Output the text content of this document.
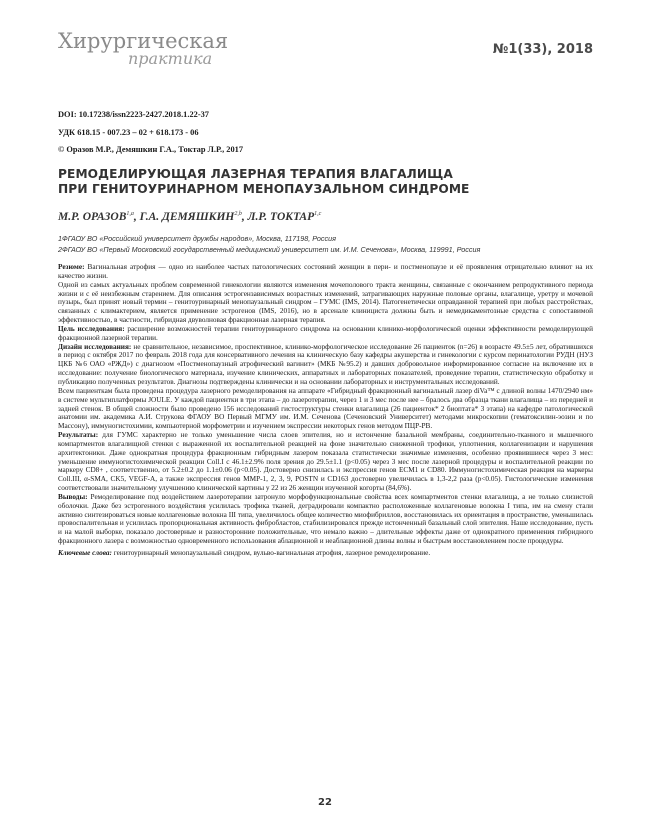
Хирургическая
практика	№1(33), 2018
DOI: 10.17238/issn2223-2427.2018.1.22-37
УДК 618.15 - 007.23 – 02 + 618.173 - 06
© Оразов М.Р., Демяшкин Г.А., Токтар Л.Р., 2017
РЕМОДЕЛИРУЮЩАЯ ЛАЗЕРНАЯ ТЕРАПИЯ ВЛАГАЛИЩА
ПРИ ГЕНИТОУРИНАРНОМ МЕНОПАУЗАЛЬНОМ СИНДРОМЕ
М.Р. ОРАЗОВ$^{1,a}$, Г.А. ДЕМЯШКИН$^{2,b}$, Л.Р. ТОКТАР$^{1,c}$
1ФГАОУ ВО «Российский университет дружбы народов», Москва, 117198, Россия
2ФГАОУ ВО «Первый Московский государственный медицинский университет им. И.М. Сеченова», Москва, 119991, Россия

Резюме: Вагинальная атрофия — одно из наиболее частых патологических состояний женщин в пери- и постменопаузе и её проявления отрицательно влияют на их качество жизни.

Одной из самых актуальных проблем современной гинекологии являются изменения мочеполового тракта женщины, связанные с окончанием репродуктивного периода жизни и с её неизбежным старением. Для описания эстрогензависимых возрастных изменений, затрагивающих наружные половые органы, влагалище, уретру и мочевой пузырь, был принят новый термин – генитоуринарный менопаузальный синдром – ГУМС (IMS, 2014). Патогенетически оправданной терапией при любых расстройствах, связанных с климактерием, является применение эстрогенов (IMS, 2016), но в арсенале клинициста должны быть и немедикаментозные средства с сопоставимой эффективностью, в частности, гибридная двуволновая фракционная лазерная терапия.

Цель исследования: расширение возможностей терапии генитоуринарного синдрома на основании клинико-морфологической оценки эффективности ремоделирующей фракционной лазерной терапии.

Дизайн исследования: не сравнительное, независимое, проспективное, клинико-морфологическое исследование 26 пациенток (n=26) в возрасте 49.5±5 лет, обратившихся в период с октября 2017 по февраль 2018 года для консервативного лечения на клиническую базу кафедры акушерства и гинекологии с курсом перинатологии РУДН (НУЗ ЦКБ №6 ОАО «РЖД») с диагнозом «Постменопаузный атрофический вагинит» (МКБ №95.2) и давших добровольное информированное согласие на включение их в исследование: получение биологического материала, изучение клинических, аппаратных и лабораторных показателей, проведение терапии, статистическую обработку и публикацию полученных результатов. Диагнозы подтверждены клинически и на основании лабораторных и инструментальных исследований.

Всем пациенткам была проведена процедура лазерного ремоделирования на аппарате «Гибридный фракционный вагинальный лазер diVa™ с длиной волны 1470/2940 нм» в системе мультиплатформы JOULE. У каждой пациентки в три этапа – до лазеротерапии, через 1 и 3 мес после нее – бралось два образца ткани влагалища – из передней и задней стенок. В общей сложности было проведено 156 исследований гистоструктуры стенки влагалища (26 пациенток* 2 биоптата* 3 этапа) на кафедре патологической анатомии им. академика А.И. Струкова ФГАОУ ВО Первый МГМУ им. И.М. Сеченова (Сеченовский Университет) методами микроскопии (гематоксилин-эозин и по Массону), иммуногистохимии, компьютерной морфометрии и изучением экспрессии некоторых генов методом ПЦР-РВ.

Результаты: для ГУМС характерно не только уменьшение числа слоев эпителия, но и истончение базальной мембраны, соединительно-тканного и мышечного компартментов влагалищной стенки с выраженной их воспалительной реакцией на фоне значительно сниженной трофики, уплотнения, коллагенизации и нарушения архитектоники. Даже однократная процедура фракционным гибридным лазером показала статистически значимые изменения, особенно проявившиеся через 3 мес: уменьшение иммуногистохимической реакции Coll.I с 46.1±2.9% поля зрения до 29.5±1.1 (p<0.05) через 3 мес после лазерной процедуры и воспалительной реакции по маркеру CD8+ , соответственно, от 5.2±0.2 до 1.1±0.06 (p<0.05). Достоверно снизилась и экспрессия генов ECM1 и CD80. Иммуногистохимическая реакция на маркеры Coll.III, α-SMA, CK5, VEGF-A, а также экспрессия генов MMP-1, 2, 3, 9, POSTN и CD163 достоверно увеличилась в 1,3-2,2 раза (p<0.05). Гистологические изменения соответствовали значительному улучшению клинической картины у 22 из 26 женщин изученной когорты (84,6%).

Выводы: Ремоделирование под воздействием лазеротерапии затронуло морфофункциональные свойства всех компартментов стенки влагалища, а не только слизистой оболочки. Даже без эстрогенного воздействия усилилась трофика тканей, деградировали компактно расположенные коллагеновые волокна I типа, им на смену стали активно синтезироваться новые коллагеновые волокна III типа, увеличилось общее количество миофибриллов, восстановилась их ориентация в пространстве, уменьшилась провоспалительная и усилилась пропорциональная активность фибробластов, стабилизировался прежде истонченный базальный слой эпителия. Наше исследование, пусть и на малой выборке, показало достоверные и разносторонние положительные, что немало важно – длительные эффекты даже от однократного применения гибридного фракционного лазера с возможностью одновременного использования аблационной и неаблационной длины волны и быстрым восстановлением после процедуры.

Ключевые слова: генитоуринарный менопаузальный синдром, вульво-вагинальная атрофия, лазерное ремоделирование.

22
